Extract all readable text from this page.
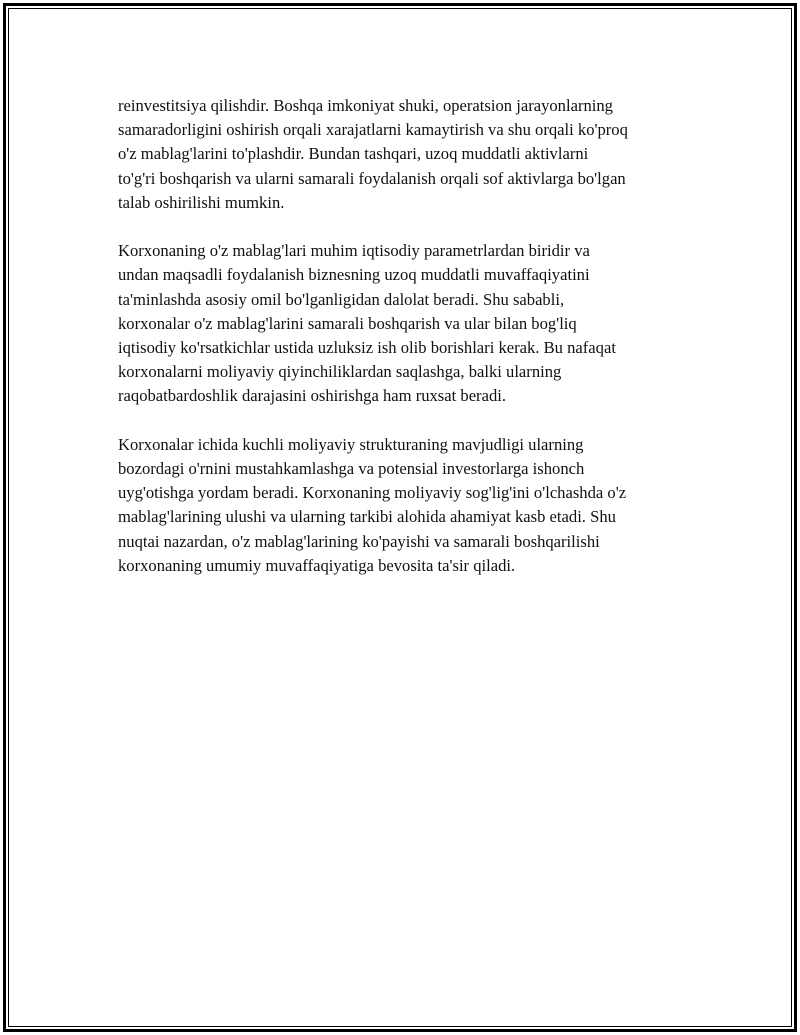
reinvestitsiya qilishdir. Boshqa imkoniyat shuki, operatsion jarayonlarning
samaradorligini oshirish orqali xarajatlarni kamaytirish va shu orqali ko'proq
o'z mablag'larini to'plashdir. Bundan tashqari, uzoq muddatli aktivlarni
to'g'ri boshqarish va ularni samarali foydalanish orqali sof aktivlarga bo'lgan
talab oshirilishi mumkin.

Korxonaning o'z mablag'lari muhim iqtisodiy parametrlardan biridir va
undan maqsadli foydalanish biznesning uzoq muddatli muvaffaqiyatini
ta'minlashda asosiy omil bo'lganligidan dalolat beradi. Shu sababli,
korxonalar o'z mablag'larini samarali boshqarish va ular bilan bog'liq
iqtisodiy ko'rsatkichlar ustida uzluksiz ish olib borishlari kerak. Bu nafaqat
korxonalarni moliyaviy qiyinchiliklardan saqlashga, balki ularning
raqobatbardoshlik darajasini oshirishga ham ruxsat beradi.

Korxonalar ichida kuchli moliyaviy strukturaning mavjudligi ularning
bozordagi o'rnini mustahkamlashga va potensial investorlarga ishonch
uyg'otishga yordam beradi. Korxonaning moliyaviy sog'lig'ini o'lchashda o'z
mablag'larining ulushi va ularning tarkibi alohida ahamiyat kasb etadi. Shu
nuqtai nazardan, o'z mablag'larining ko'payishi va samarali boshqarilishi
korxonaning umumiy muvaffaqiyatiga bevosita ta'sir qiladi.
